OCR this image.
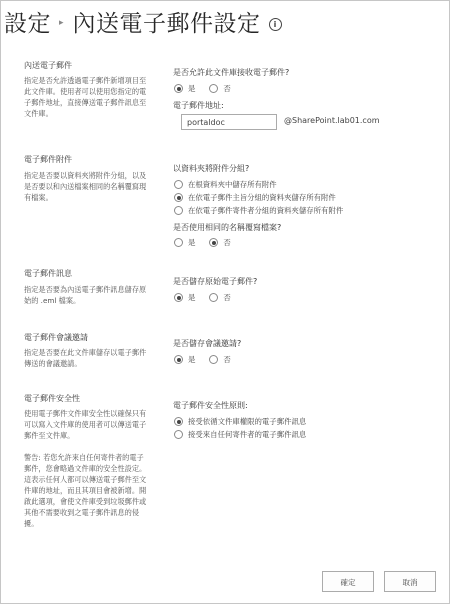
設定 ▸ 內送電子郵件設定	i
內送電子郵件
指定是否允許透過電子郵件新增項目至此文件庫。使用者可以使用您指定的電子郵件地址，直接傳送電子郵件訊息至文件庫。
是否允許此文件庫接收電子郵件?
是	否
電子郵件地址:
portaldoc	@SharePoint.lab01.com
電子郵件附件
指定是否要以資料夾將附件分組，以及是否要以和內送檔案相同的名稱覆寫現有檔案。
以資料夾將附件分組?
在根資料夾中儲存所有附件
在依電子郵件主旨分組的資料夾儲存所有附件
在依電子郵件寄件者分組的資料夾儲存所有附件
是否使用相同的名稱覆寫檔案?
是	否
電子郵件訊息
指定是否要為內送電子郵件訊息儲存原始的 .eml 檔案。
是否儲存原始電子郵件?
是	否
電子郵件會議邀請
指定是否要在此文件庫儲存以電子郵件傳送的會議邀請。
是否儲存會議邀請?
是	否
電子郵件安全性
使用電子郵件文件庫安全性以確保只有可以寫入文件庫的使用者可以傳送電子郵件至文件庫。
警告: 若您允許來自任何寄件者的電子郵件，您會略過文件庫的安全性設定。這表示任何人都可以傳送電子郵件至文件庫的地址，而且其項目會被新增。開啟此選項，會使文件庫受到垃圾郵件或其他不需要收到之電子郵件訊息的侵擾。
電子郵件安全性原則:
接受依循文件庫權限的電子郵件訊息
接受來自任何寄件者的電子郵件訊息
確定	取消
